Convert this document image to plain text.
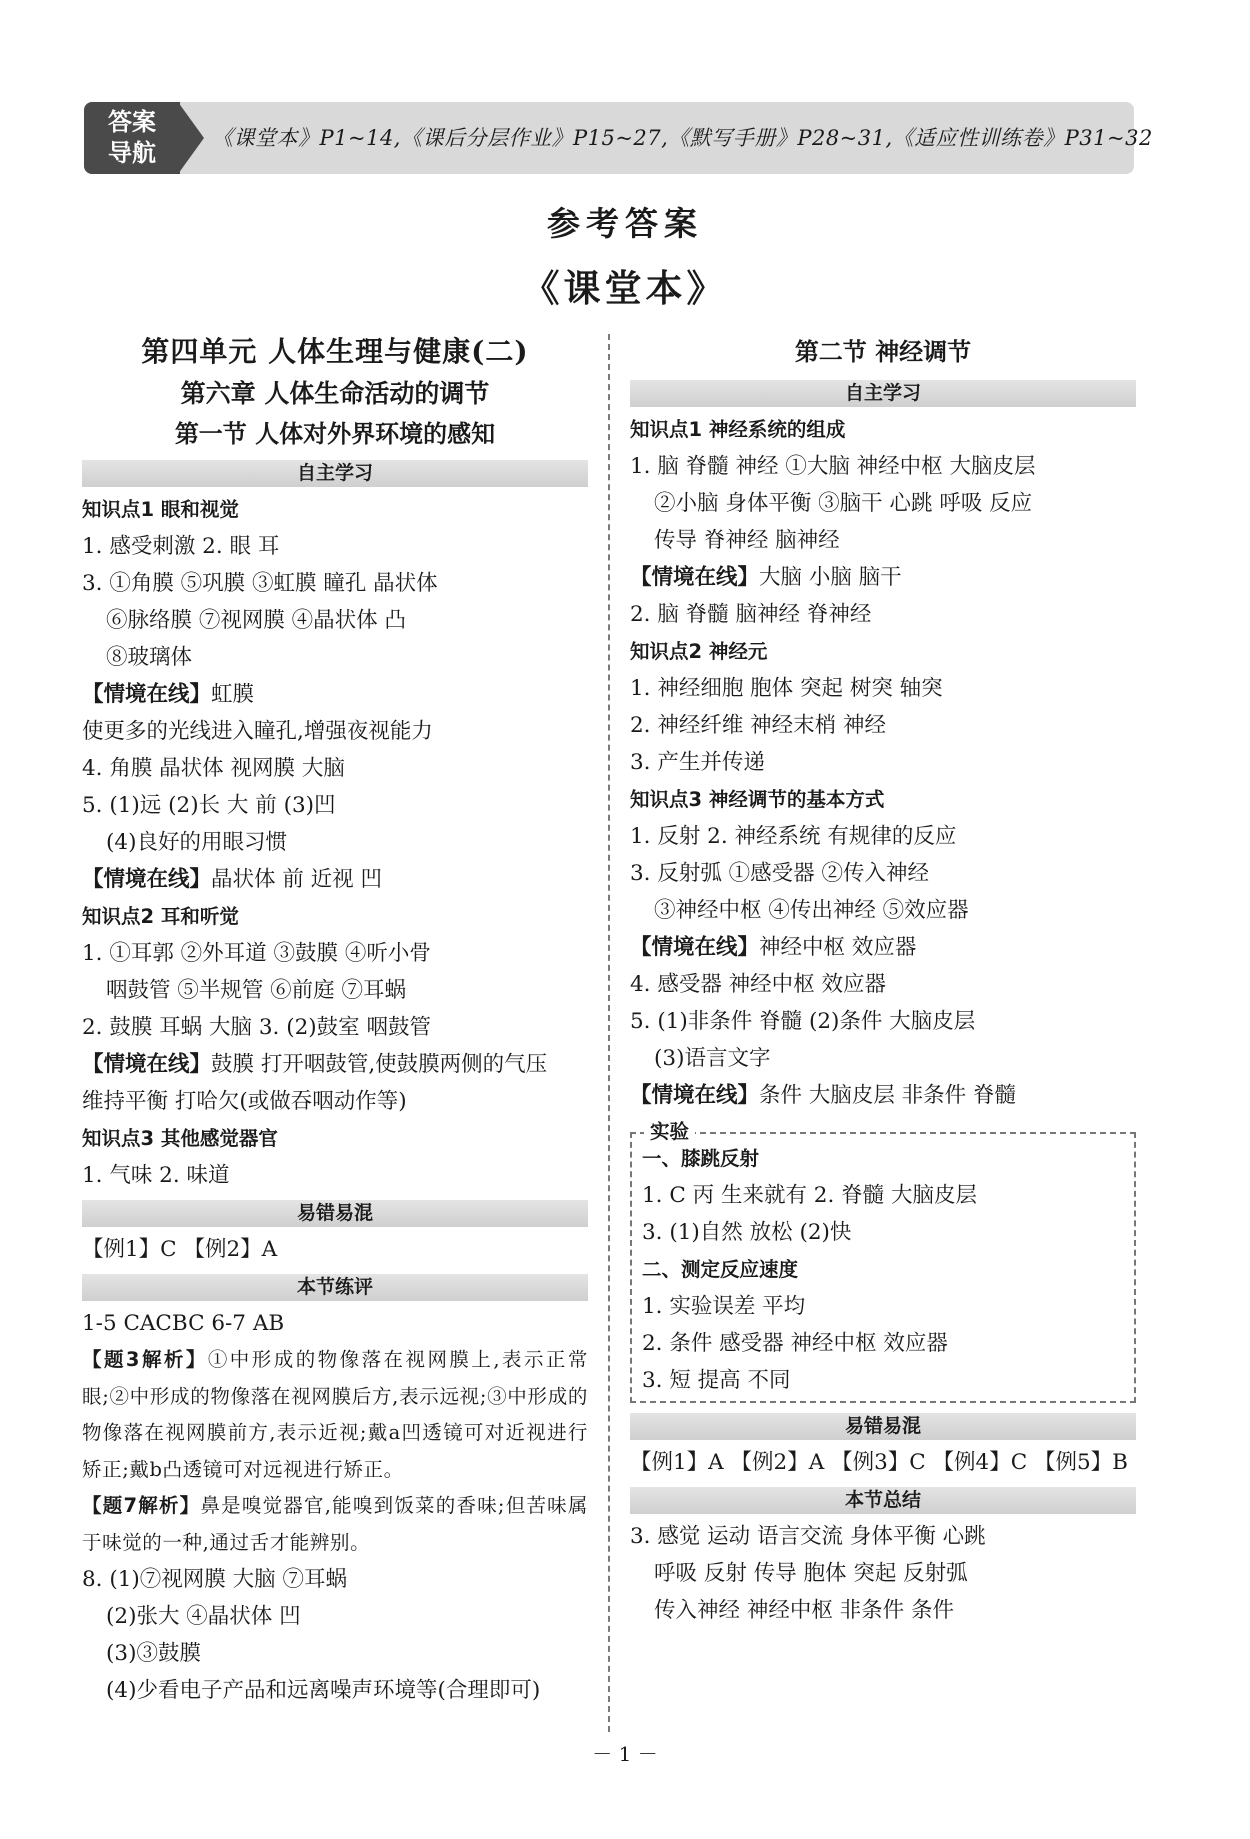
答案
导航
《课堂本》P1~14,《课后分层作业》P15~27,《默写手册》P28~31,《适应性训练卷》P31~32
参考答案
《课堂本》
第四单元 人体生理与健康(二)
第六章 人体生命活动的调节
第一节 人体对外界环境的感知
自主学习
知识点1 眼和视觉
1. 感受刺激 2. 眼 耳
3. ①角膜 ⑤巩膜 ③虹膜 瞳孔 晶状体
⑥脉络膜 ⑦视网膜 ④晶状体 凸
⑧玻璃体
【情境在线】虹膜
使更多的光线进入瞳孔,增强夜视能力
4. 角膜 晶状体 视网膜 大脑
5. (1)远 (2)长 大 前 (3)凹
(4)良好的用眼习惯
【情境在线】晶状体 前 近视 凹
知识点2 耳和听觉
1. ①耳郭 ②外耳道 ③鼓膜 ④听小骨
咽鼓管 ⑤半规管 ⑥前庭 ⑦耳蜗
2. 鼓膜 耳蜗 大脑 3. (2)鼓室 咽鼓管
【情境在线】鼓膜 打开咽鼓管,使鼓膜两侧的气压
维持平衡 打哈欠(或做吞咽动作等)
知识点3 其他感觉器官
1. 气味 2. 味道
易错易混
【例1】C 【例2】A
本节练评
1-5 CACBC 6-7 AB
【题3解析】①中形成的物像落在视网膜上,表示正常眼;②中形成的物像落在视网膜后方,表示远视;③中形成的物像落在视网膜前方,表示近视;戴a凹透镜可对近视进行矫正;戴b凸透镜可对远视进行矫正。
【题7解析】鼻是嗅觉器官,能嗅到饭菜的香味;但苦味属于味觉的一种,通过舌才能辨别。
8. (1)⑦视网膜 大脑 ⑦耳蜗
(2)张大 ④晶状体 凹
(3)③鼓膜
(4)少看电子产品和远离噪声环境等(合理即可)
第二节 神经调节
自主学习
知识点1 神经系统的组成
1. 脑 脊髓 神经 ①大脑 神经中枢 大脑皮层
②小脑 身体平衡 ③脑干 心跳 呼吸 反应
传导 脊神经 脑神经
【情境在线】大脑 小脑 脑干
2. 脑 脊髓 脑神经 脊神经
知识点2 神经元
1. 神经细胞 胞体 突起 树突 轴突
2. 神经纤维 神经末梢 神经
3. 产生并传递
知识点3 神经调节的基本方式
1. 反射 2. 神经系统 有规律的反应
3. 反射弧 ①感受器 ②传入神经
③神经中枢 ④传出神经 ⑤效应器
【情境在线】神经中枢 效应器
4. 感受器 神经中枢 效应器
5. (1)非条件 脊髓 (2)条件 大脑皮层
(3)语言文字
【情境在线】条件 大脑皮层 非条件 脊髓
实验
一、膝跳反射
1. C 丙 生来就有 2. 脊髓 大脑皮层
3. (1)自然 放松 (2)快
二、测定反应速度
1. 实验误差 平均
2. 条件 感受器 神经中枢 效应器
3. 短 提高 不同
易错易混
【例1】A 【例2】A 【例3】C 【例4】C 【例5】B
本节总结
3. 感觉 运动 语言交流 身体平衡 心跳
呼吸 反射 传导 胞体 突起 反射弧
传入神经 神经中枢 非条件 条件
－ 1 －
